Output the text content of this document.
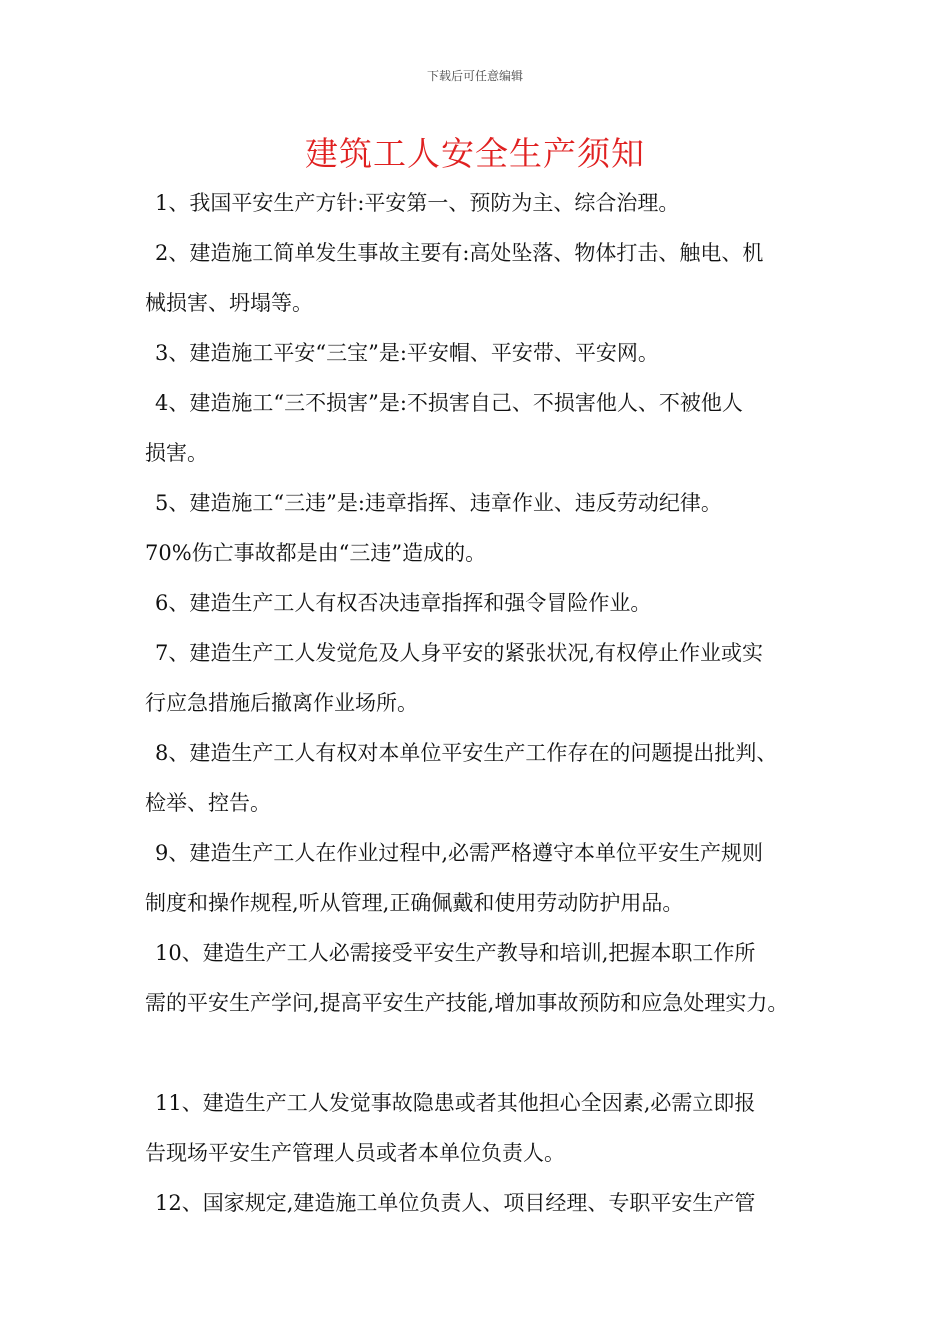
下载后可任意编辑
建筑工人安全生产须知

1、我国平安生产方针:平安第一、预防为主、综合治理。

2、建造施工简单发生事故主要有:高处坠落、物体打击、触电、机
械损害、坍塌等。

3、建造施工平安“三宝”是:平安帽、平安带、平安网。

4、建造施工“三不损害”是:不损害自己、不损害他人、不被他人
损害。

5、建造施工“三违”是:违章指挥、违章作业、违反劳动纪律。
70%伤亡事故都是由“三违”造成的。

6、建造生产工人有权否决违章指挥和强令冒险作业。

7、建造生产工人发觉危及人身平安的紧张状况,有权停止作业或实
行应急措施后撤离作业场所。

8、建造生产工人有权对本单位平安生产工作存在的问题提出批判、
检举、控告。

9、建造生产工人在作业过程中,必需严格遵守本单位平安生产规则
制度和操作规程,听从管理,正确佩戴和使用劳动防护用品。

10、建造生产工人必需接受平安生产教导和培训,把握本职工作所
需的平安生产学问,提高平安生产技能,增加事故预防和应急处理实力。

11、建造生产工人发觉事故隐患或者其他担心全因素,必需立即报
告现场平安生产管理人员或者本单位负责人。

12、国家规定,建造施工单位负责人、项目经理、专职平安生产管
